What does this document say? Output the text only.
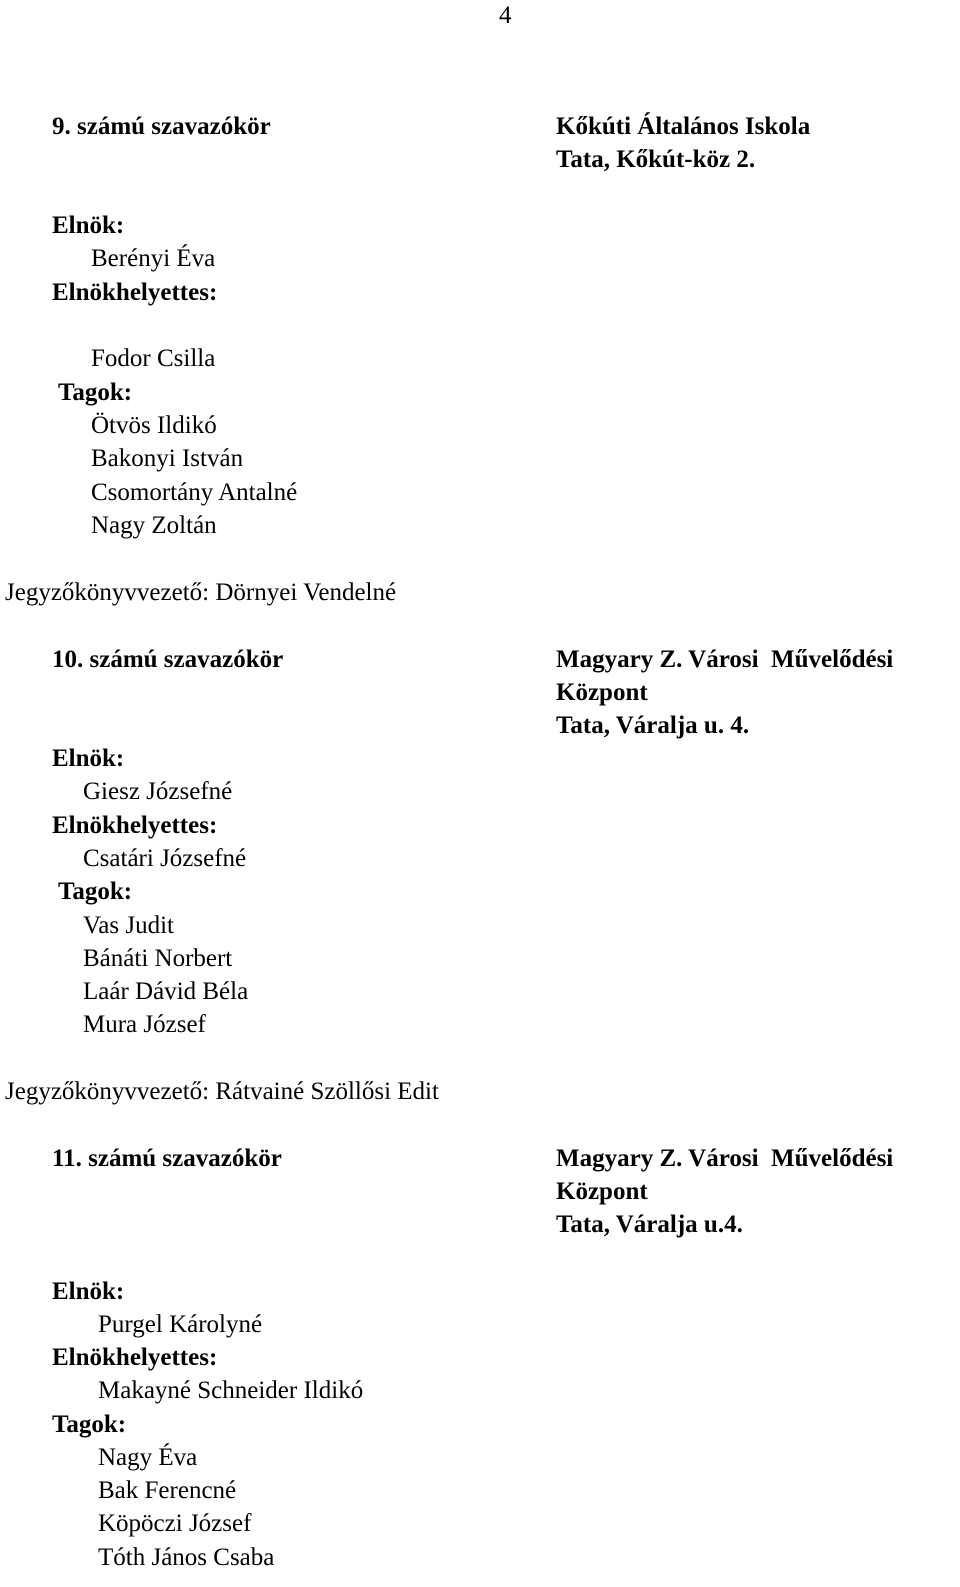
4
9. számú szavazókör	Kőkúti Általános Iskola
Tata, Kőkút-köz 2.
Elnök:
Berényi Éva
Elnökhelyettes:
Fodor Csilla
Tagok:
Ötvös Ildikó
Bakonyi István
Csomortány Antalné
Nagy Zoltán
Jegyzőkönyvvezető: Dörnyei Vendelné
10. számú szavazókör	Magyary Z. Városi  Művelődési
Központ
Tata, Váralja u. 4.
Elnök:
Giesz Józsefné
Elnökhelyettes:
Csatári Józsefné
Tagok:
Vas Judit
Bánáti Norbert
Laár Dávid Béla
Mura József
Jegyzőkönyvvezető: Rátvainé Szöllősi Edit
11. számú szavazókör	Magyary Z. Városi  Művelődési
Központ
Tata, Váralja u.4.
Elnök:
Purgel Károlyné
Elnökhelyettes:
Makayné Schneider Ildikó
Tagok:
Nagy Éva
Bak Ferencné
Köpöczi József
Tóth János Csaba
